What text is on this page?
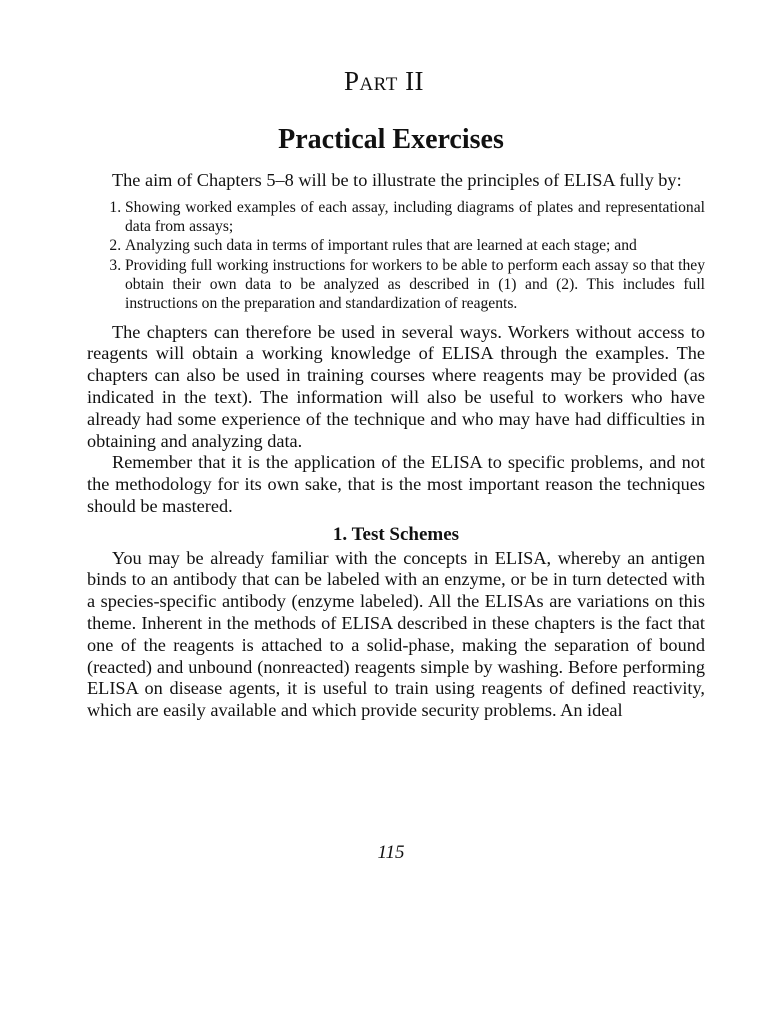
Part II
Practical Exercises

The aim of Chapters 5–8 will be to illustrate the principles of ELISA fully by:

1. Showing worked examples of each assay, including diagrams of plates and representational data from assays;
2. Analyzing such data in terms of important rules that are learned at each stage; and
3. Providing full working instructions for workers to be able to perform each assay so that they obtain their own data to be analyzed as described in (1) and (2). This includes full instructions on the preparation and standardization of reagents.

The chapters can therefore be used in several ways. Workers without access to reagents will obtain a working knowledge of ELISA through the examples. The chapters can also be used in training courses where reagents may be provided (as indicated in the text). The information will also be useful to workers who have already had some experience of the technique and who may have had difficulties in obtaining and analyzing data.

Remember that it is the application of the ELISA to specific problems, and not the methodology for its own sake, that is the most important reason the techniques should be mastered.

1. Test Schemes

You may be already familiar with the concepts in ELISA, whereby an antigen binds to an antibody that can be labeled with an enzyme, or be in turn detected with a species-specific antibody (enzyme labeled). All the ELISAs are variations on this theme. Inherent in the methods of ELISA described in these chapters is the fact that one of the reagents is attached to a solid-phase, making the separation of bound (reacted) and unbound (nonreacted) reagents simple by washing. Before performing ELISA on disease agents, it is useful to train using reagents of defined reactivity, which are easily available and which provide security problems. An ideal

115
